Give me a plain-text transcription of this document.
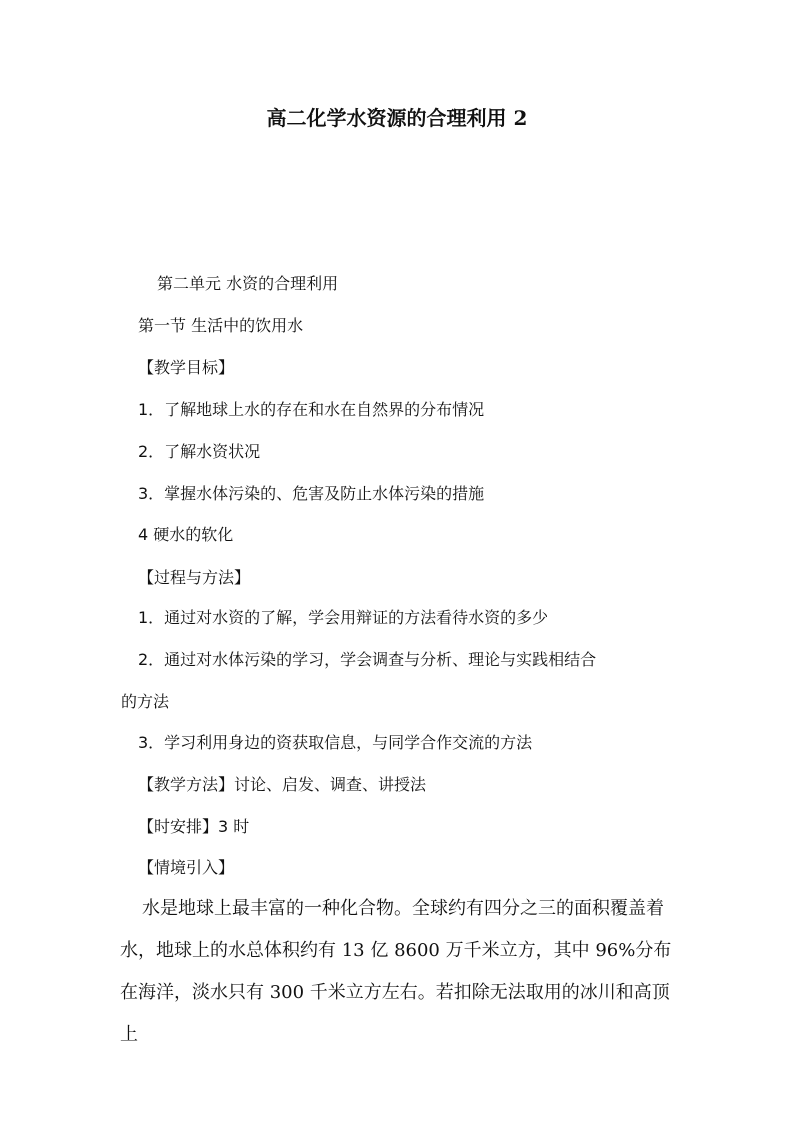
高二化学水资源的合理利用 2
第二单元 水资的合理利用
第一节 生活中的饮用水
【教学目标】
1．了解地球上水的存在和水在自然界的分布情况
2．了解水资状况
3．掌握水体污染的、危害及防止水体污染的措施
4 硬水的软化
【过程与方法】
1．通过对水资的了解，学会用辩证的方法看待水资的多少
2．通过对水体污染的学习，学会调查与分析、理论与实践相结合
的方法
3．学习利用身边的资获取信息，与同学合作交流的方法
【教学方法】讨论、启发、调查、讲授法
【时安排】3 时
【情境引入】

水是地球上最丰富的一种化合物。全球约有四分之三的面积覆盖着水，地球上的水总体积约有 13 亿 8600 万千米立方，其中 96%分布在海洋，淡水只有 300 千米立方左右。若扣除无法取用的冰川和高顶上
